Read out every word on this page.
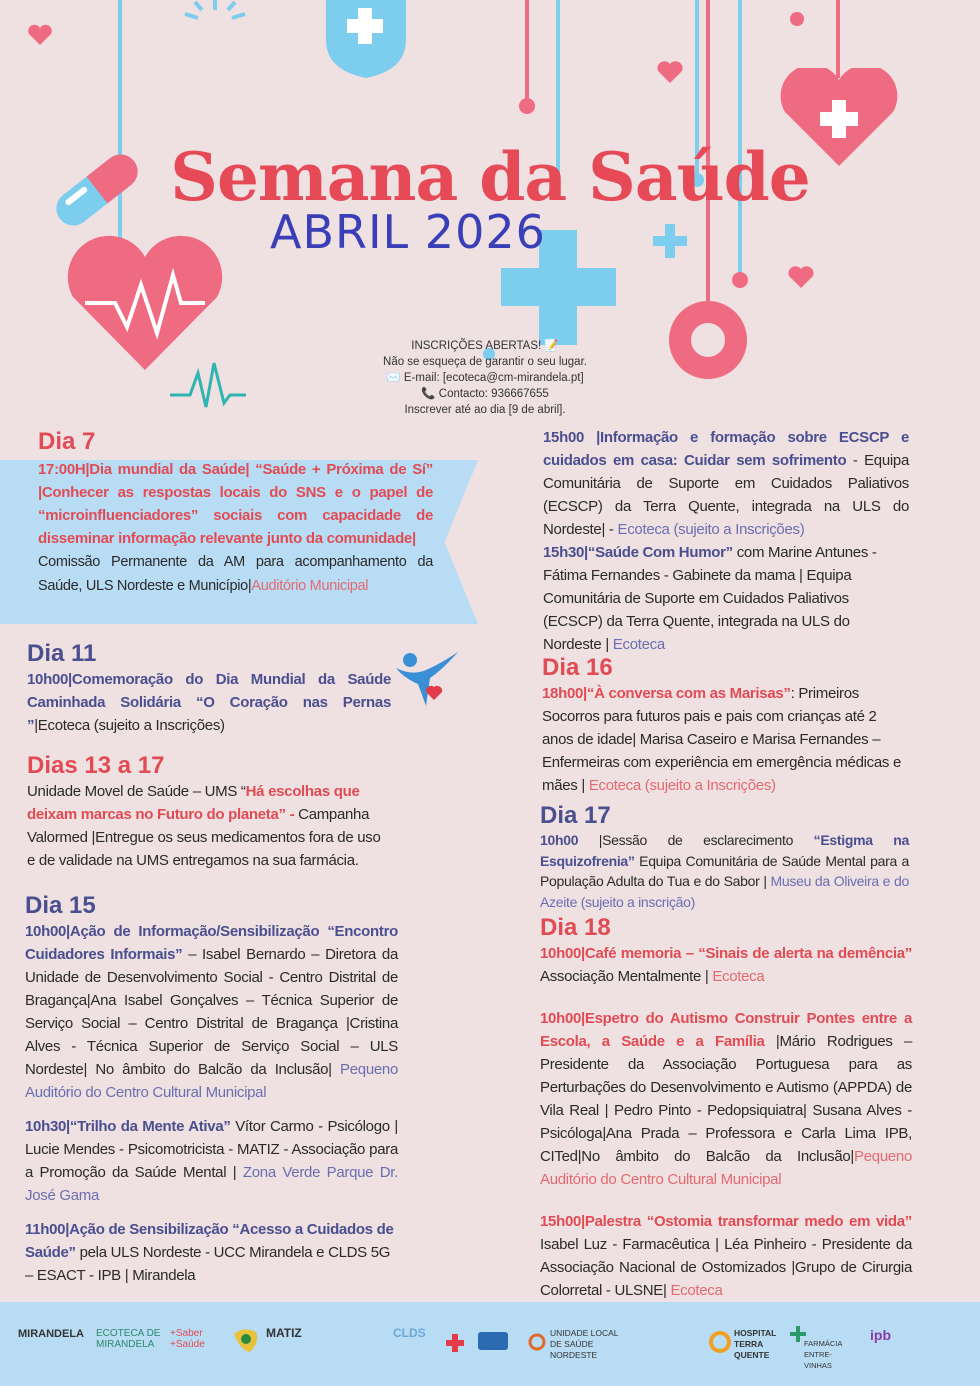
Semana da Saúde
ABRIL 2026
INSCRIÇÕES ABERTAS! 📝
Não se esqueça de garantir o seu lugar.
✉️ E-mail: [ecoteca@cm-mirandela.pt]
📞 Contacto: 936667655
Inscrever até ao dia [9 de abril].

Dia 7

17:00H|Dia mundial da Saúde| “Saúde + Próxima de Sí” |Conhecer as respostas locais do SNS e o papel de “microinfluenciadores” sociais com capacidade de disseminar informação relevante junto da comunidade|
Comissão Permanente da AM para acompanhamento da Saúde, ULS Nordeste e Município|Auditório Municipal

Dia 11

10h00|Comemoração do Dia Mundial da Saúde Caminhada Solidária “O Coração nas Pernas ”|Ecoteca (sujeito a Inscrições)

Dias 13 a 17

Unidade Movel de Saúde – UMS “Há escolhas que deixam marcas no Futuro do planeta” - Campanha Valormed |Entregue os seus medicamentos fora de uso e de validade na UMS entregamos na sua farmácia.

Dia 15

10h00|Ação de Informação/Sensibilização “Encontro Cuidadores Informais” – Isabel Bernardo – Diretora da Unidade de Desenvolvimento Social - Centro Distrital de Bragança|Ana Isabel Gonçalves – Técnica Superior de Serviço Social – Centro Distrital de Bragança |Cristina Alves - Técnica Superior de Serviço Social – ULS Nordeste| No âmbito do Balcão da Inclusão| Pequeno Auditório do Centro Cultural Municipal

10h30|“Trilho da Mente Ativa” Vítor Carmo - Psicólogo | Lucie Mendes - Psicomotricista - MATIZ - Associação para a Promoção da Saúde Mental | Zona Verde Parque Dr. José Gama

11h00|Ação de Sensibilização “Acesso a Cuidados de Saúde” pela ULS Nordeste - UCC Mirandela e CLDS 5G – ESACT - IPB | Mirandela

15h00 |Informação e formação sobre ECSCP e cuidados em casa: Cuidar sem sofrimento - Equipa Comunitária de Suporte em Cuidados Paliativos (ECSCP) da Terra Quente, integrada na ULS do Nordeste| - Ecoteca (sujeito a Inscrições)

15h30|“Saúde Com Humor” com Marine Antunes - Fátima Fernandes - Gabinete da mama | Equipa Comunitária de Suporte em Cuidados Paliativos (ECSCP) da Terra Quente, integrada na ULS do Nordeste | Ecoteca

Dia 16

18h00|“À conversa com as Marisas”: Primeiros Socorros para futuros pais e pais com crianças até 2 anos de idade| Marisa Caseiro e Marisa Fernandes – Enfermeiras com experiência em emergência médicas e mães | Ecoteca (sujeito a Inscrições)

Dia 17

10h00 |Sessão de esclarecimento “Estigma na Esquizofrenia” Equipa Comunitária de Saúde Mental para a População Adulta do Tua e do Sabor | Museu da Oliveira e do Azeite (sujeito a inscrição)

Dia 18

10h00|Café memoria – “Sinais de alerta na demência” Associação Mentalmente | Ecoteca

10h00|Espetro do Autismo Construir Pontes entre a Escola, a Saúde e a Família |Mário Rodrigues – Presidente da Associação Portuguesa para as Perturbações do Desenvolvimento e Autismo (APPDA) de Vila Real | Pedro Pinto - Pedopsiquiatra| Susana Alves - Psicóloga|Ana Prada – Professora e Carla Lima IPB, CITed|No âmbito do Balcão da Inclusão|Pequeno Auditório do Centro Cultural Municipal

15h00|Palestra “Ostomia transformar medo em vida” Isabel Luz - Farmacêutica | Léa Pinheiro - Presidente da Associação Nacional de Ostomizados |Grupo de Cirurgia Colorretal - ULSNE| Ecoteca

MIRANDELA ECOTECA DE MIRANDELA
+Saber +Saúde
MATIZ	CLDS	UNIDADE LOCAL DE SAÚDE NORDESTE
HOSPITAL TERRA QUENTE
FARMÁCIA ENTRE-VINHAS
ipb
